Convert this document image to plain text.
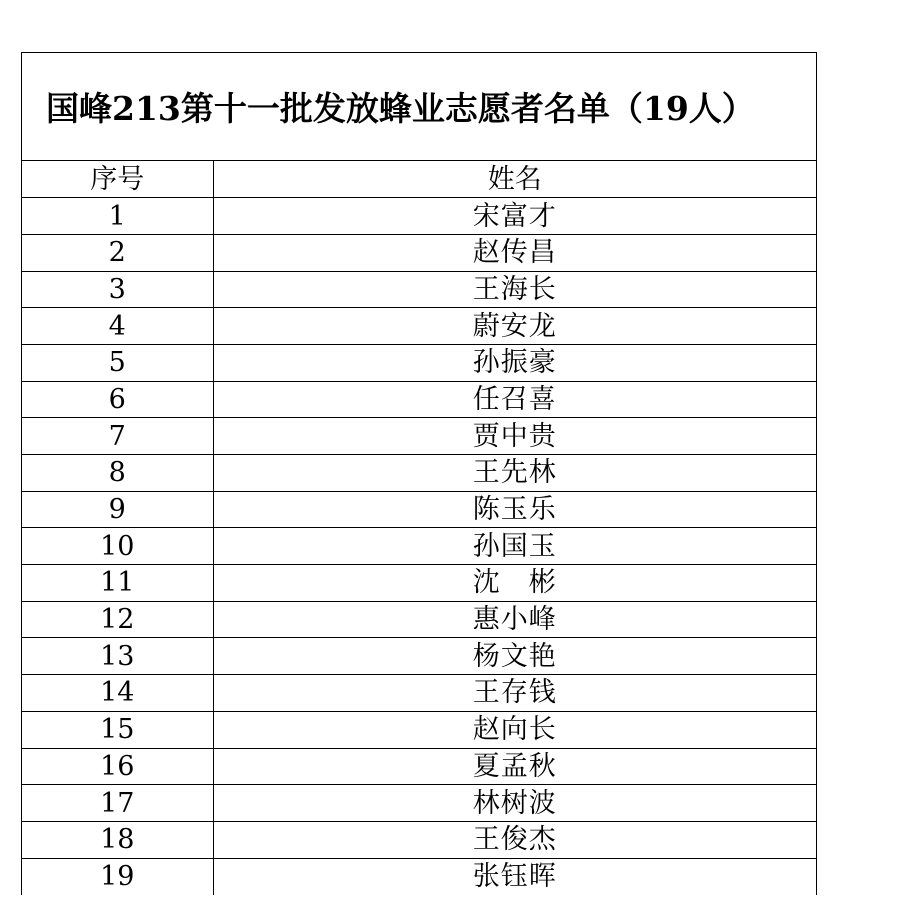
国峰213第十一批发放蜂业志愿者名单（19人）
序号	姓名
1	宋富才
2	赵传昌
3	王海长
4	蔚安龙
5	孙振豪
6	任召喜
7	贾中贵
8	王先林
9	陈玉乐
10	孙国玉
11	沈　彬
12	惠小峰
13	杨文艳
14	王存钱
15	赵向长
16	夏孟秋
17	林树波
18	王俊杰
19	张钰晖
